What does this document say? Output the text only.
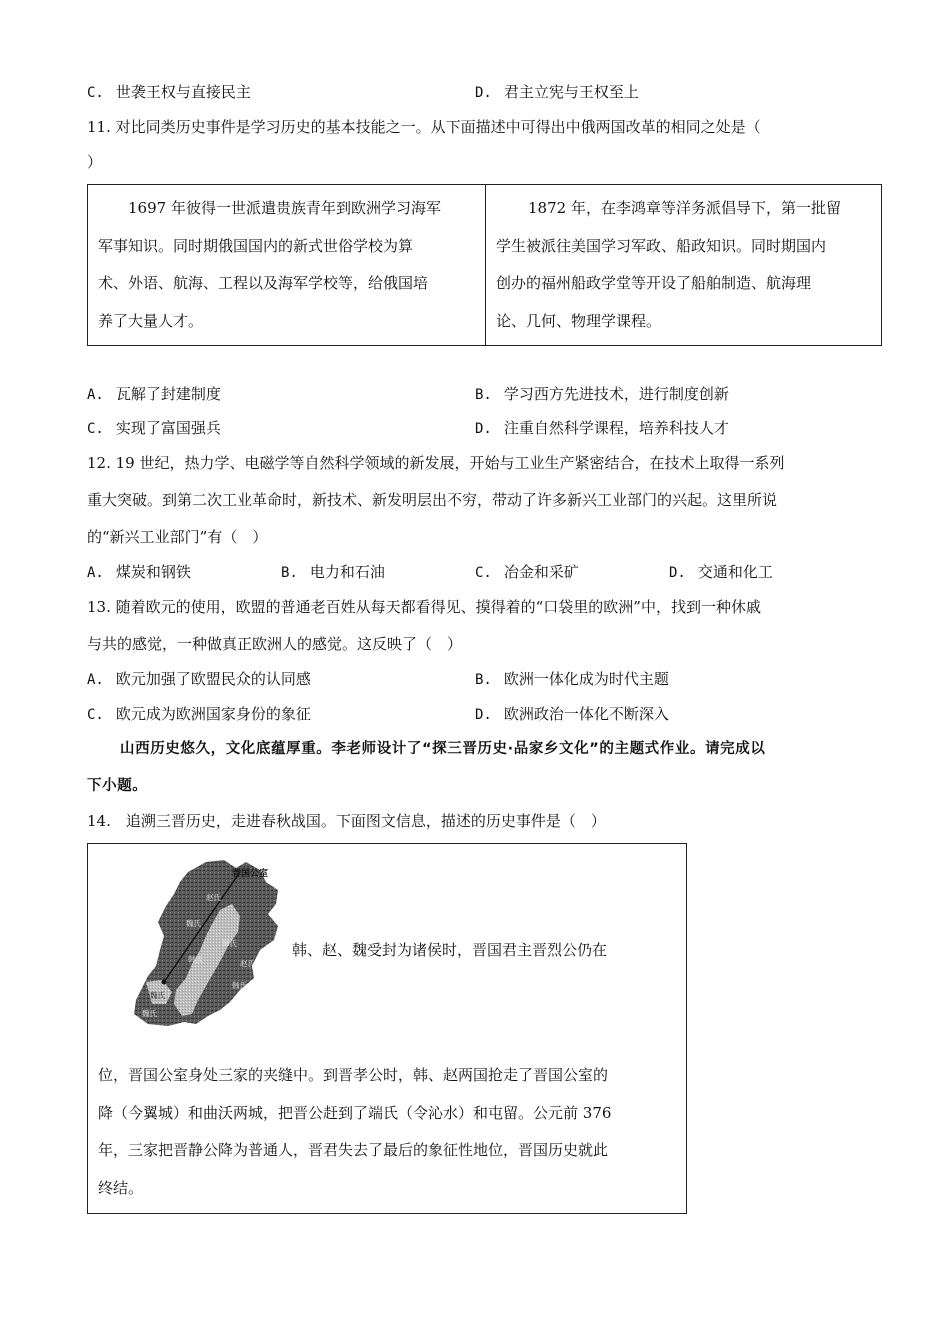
C. 世袭王权与直接民主	D. 君主立宪与王权至上
11. 对比同类历史事件是学习历史的基本技能之一。从下面描述中可得出中俄两国改革的相同之处是（
）
1697 年彼得一世派遣贵族青年到欧洲学习海军
军事知识。同时期俄国国内的新式世俗学校为算
术、外语、航海、工程以及海军学校等，给俄国培
养了大量人才。
1872 年，在李鸿章等洋务派倡导下，第一批留
学生被派往美国学习军政、船政知识。同时期国内
创办的福州船政学堂等开设了船舶制造、航海理
论、几何、物理学课程。
A. 瓦解了封建制度	B. 学习西方先进技术，进行制度创新
C. 实现了富国强兵	D. 注重自然科学课程，培养科技人才
12. 19 世纪，热力学、电磁学等自然科学领域的新发展，开始与工业生产紧密结合，在技术上取得一系列
重大突破。到第二次工业革命时，新技术、新发明层出不穷，带动了许多新兴工业部门的兴起。这里所说
的“新兴工业部门”有（　）
A. 煤炭和钢铁	B. 电力和石油	C. 冶金和采矿	D. 交通和化工
13. 随着欧元的使用，欧盟的普通老百姓从每天都看得见、摸得着的“口袋里的欧洲”中，找到一种休戚
与共的感觉，一种做真正欧洲人的感觉。这反映了（　）
A. 欧元加强了欧盟民众的认同感	B. 欧洲一体化成为时代主题
C. 欧元成为欧洲国家身份的象征	D. 欧洲政治一体化不断深入
山西历史悠久，文化底蕴厚重。李老师设计了“探三晋历史·品家乡文化”的主题式作业。请完成以
下小题。
14.　追溯三晋历史，走进春秋战国。下面图文信息，描述的历史事件是（　）
晋国公室
赵氏
魏氏
韩氏
韩氏	赵氏
魏氏
魏氏
韩氏
韩、赵、魏受封为诸侯时，晋国君主晋烈公仍在
位，晋国公室身处三家的夹缝中。到晋孝公时，韩、赵两国抢走了晋国公室的
降（今翼城）和曲沃两城，把晋公赶到了端氏（令沁水）和屯留。公元前 376
年，三家把晋静公降为普通人，晋君失去了最后的象征性地位，晋国历史就此
终结。
